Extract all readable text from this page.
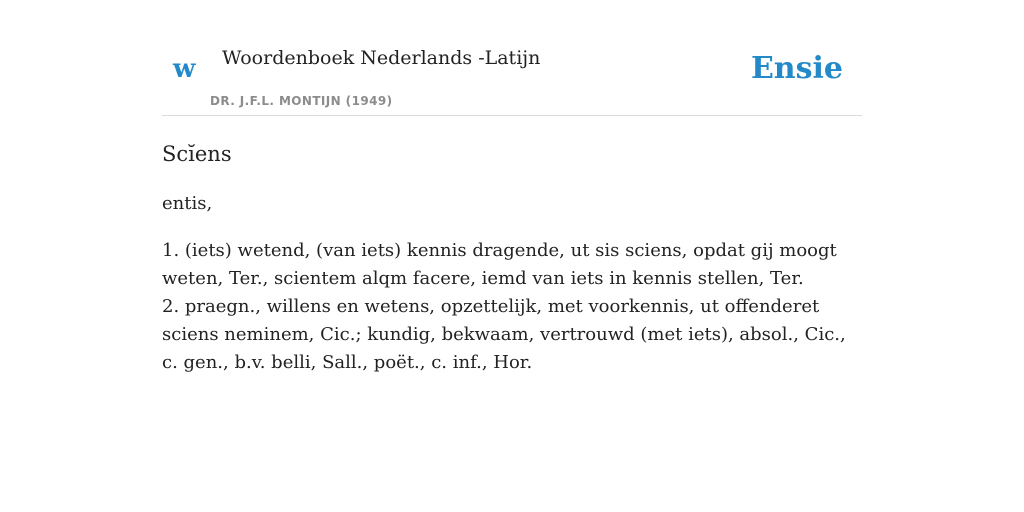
w Woordenboek Nederlands -Latijn
DR. J.F.L. MONTIJN (1949)
Ensie
Scĭens

entis,

1. (iets) wetend, (van iets) kennis dragende, ut sis sciens, opdat gij moogt weten, Ter., scientem alqm facere, iemd van iets in kennis stellen, Ter.
2. praegn., willens en wetens, opzettelijk, met voorkennis, ut offenderet sciens neminem, Cic.; kundig, bekwaam, vertrouwd (met iets), absol., Cic., c. gen., b.v. belli, Sall., poët., c. inf., Hor.
